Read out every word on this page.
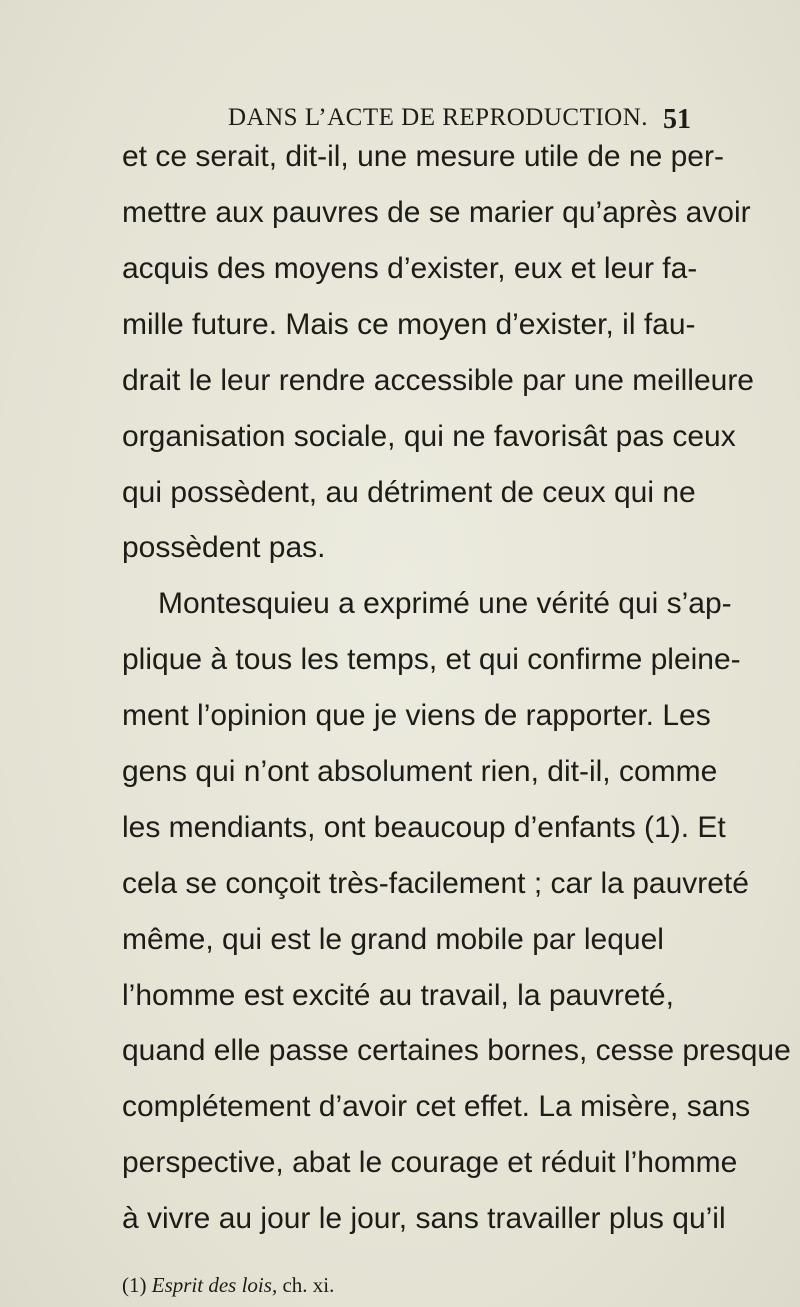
DANS L’ACTE DE REPRODUCTION. 51
et ce serait, dit-il, une mesure utile de ne per-
mettre aux pauvres de se marier qu’après avoir
acquis des moyens d’exister, eux et leur fa-
mille future. Mais ce moyen d’exister, il fau-
drait le leur rendre accessible par une meilleure
organisation sociale, qui ne favorisât pas ceux
qui possèdent, au détriment de ceux qui ne
possèdent pas.
Montesquieu a exprimé une vérité qui s’ap-
plique à tous les temps, et qui confirme pleine-
ment l’opinion que je viens de rapporter. Les
gens qui n’ont absolument rien, dit-il, comme
les mendiants, ont beaucoup d’enfants (1). Et
cela se conçoit très-facilement ; car la pauvreté
même, qui est le grand mobile par lequel
l’homme est excité au travail, la pauvreté,
quand elle passe certaines bornes, cesse presque
complétement d’avoir cet effet. La misère, sans
perspective, abat le courage et réduit l’homme
à vivre au jour le jour, sans travailler plus qu’il
(1) Esprit des lois, ch. xi.
